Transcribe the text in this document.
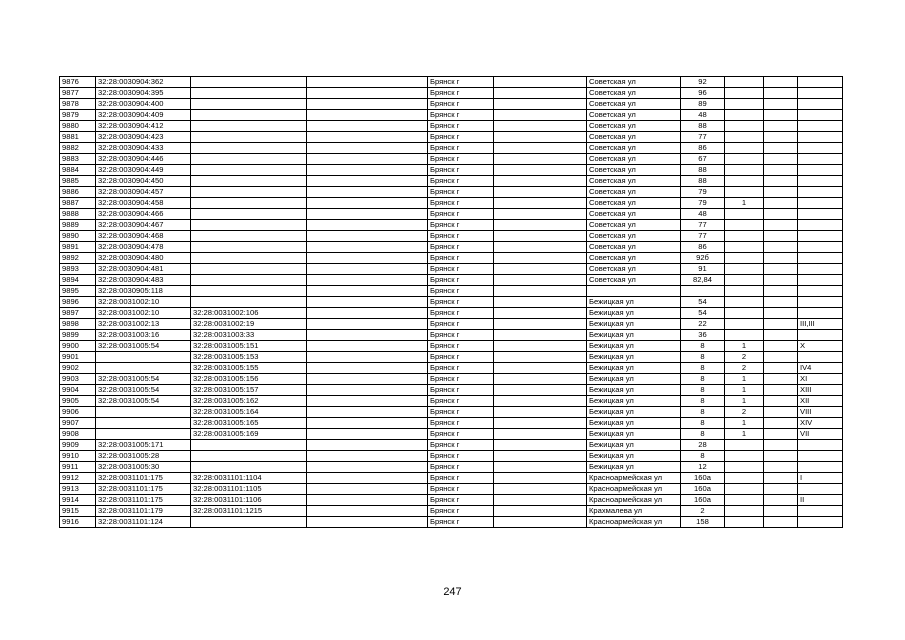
9876	32:28:0030904:362			Брянск г		Советская ул	92			
9877	32:28:0030904:395			Брянск г		Советская ул	96			
9878	32:28:0030904:400			Брянск г		Советская ул	89			
9879	32:28:0030904:409			Брянск г		Советская ул	48			
9880	32:28:0030904:412			Брянск г		Советская ул	88			
9881	32:28:0030904:423			Брянск г		Советская ул	77			
9882	32:28:0030904:433			Брянск г		Советская ул	86			
9883	32:28:0030904:446			Брянск г		Советская ул	67			
9884	32:28:0030904:449			Брянск г		Советская ул	88			
9885	32:28:0030904:450			Брянск г		Советская ул	88			
9886	32:28:0030904:457			Брянск г		Советская ул	79			
9887	32:28:0030904:458			Брянск г		Советская ул	79	1		
9888	32:28:0030904:466			Брянск г		Советская ул	48			
9889	32:28:0030904:467			Брянск г		Советская ул	77			
9890	32:28:0030904:468			Брянск г		Советская ул	77			
9891	32:28:0030904:478			Брянск г		Советская ул	86			
9892	32:28:0030904:480			Брянск г		Советская ул	92б			
9893	32:28:0030904:481			Брянск г		Советская ул	91			
9894	32:28:0030904:483			Брянск г		Советская ул	82,84			
9895	32:28:0030905:118			Брянск г						
9896	32:28:0031002:10			Брянск г		Бежицкая ул	54			
9897	32:28:0031002:10	32:28:0031002:106		Брянск г		Бежицкая ул	54			
9898	32:28:0031002:13	32:28:0031002:19		Брянск г		Бежицкая ул	22			III,III
9899	32:28:0031003:16	32:28:0031003:33		Брянск г		Бежицкая ул	36			
9900	32:28:0031005:54	32:28:0031005:151		Брянск г		Бежицкая ул	8	1		X
9901		32:28:0031005:153		Брянск г		Бежицкая ул	8	2		
9902		32:28:0031005:155		Брянск г		Бежицкая ул	8	2		IV4
9903	32:28:0031005:54	32:28:0031005:156		Брянск г		Бежицкая ул	8	1		XI
9904	32:28:0031005:54	32:28:0031005:157		Брянск г		Бежицкая ул	8	1		XIII
9905	32:28:0031005:54	32:28:0031005:162		Брянск г		Бежицкая ул	8	1		XII
9906		32:28:0031005:164		Брянск г		Бежицкая ул	8	2		VIII
9907		32:28:0031005:165		Брянск г		Бежицкая ул	8	1		XIV
9908		32:28:0031005:169		Брянск г		Бежицкая ул	8	1		VII
9909	32:28:0031005:171			Брянск г		Бежицкая ул	28			
9910	32:28:0031005:28			Брянск г		Бежицкая ул	8			
9911	32:28:0031005:30			Брянск г		Бежицкая ул	12			
9912	32:28:0031101:175	32:28:0031101:1104		Брянск г		Красноармейская ул	160а			I
9913	32:28:0031101:175	32:28:0031101:1105		Брянск г		Красноармейская ул	160а			
9914	32:28:0031101:175	32:28:0031101:1106		Брянск г		Красноармейская ул	160а			II
9915	32:28:0031101:179	32:28:0031101:1215		Брянск г		Крахмалева ул	2			
9916	32:28:0031101:124			Брянск г		Красноармейская ул	158			
247
